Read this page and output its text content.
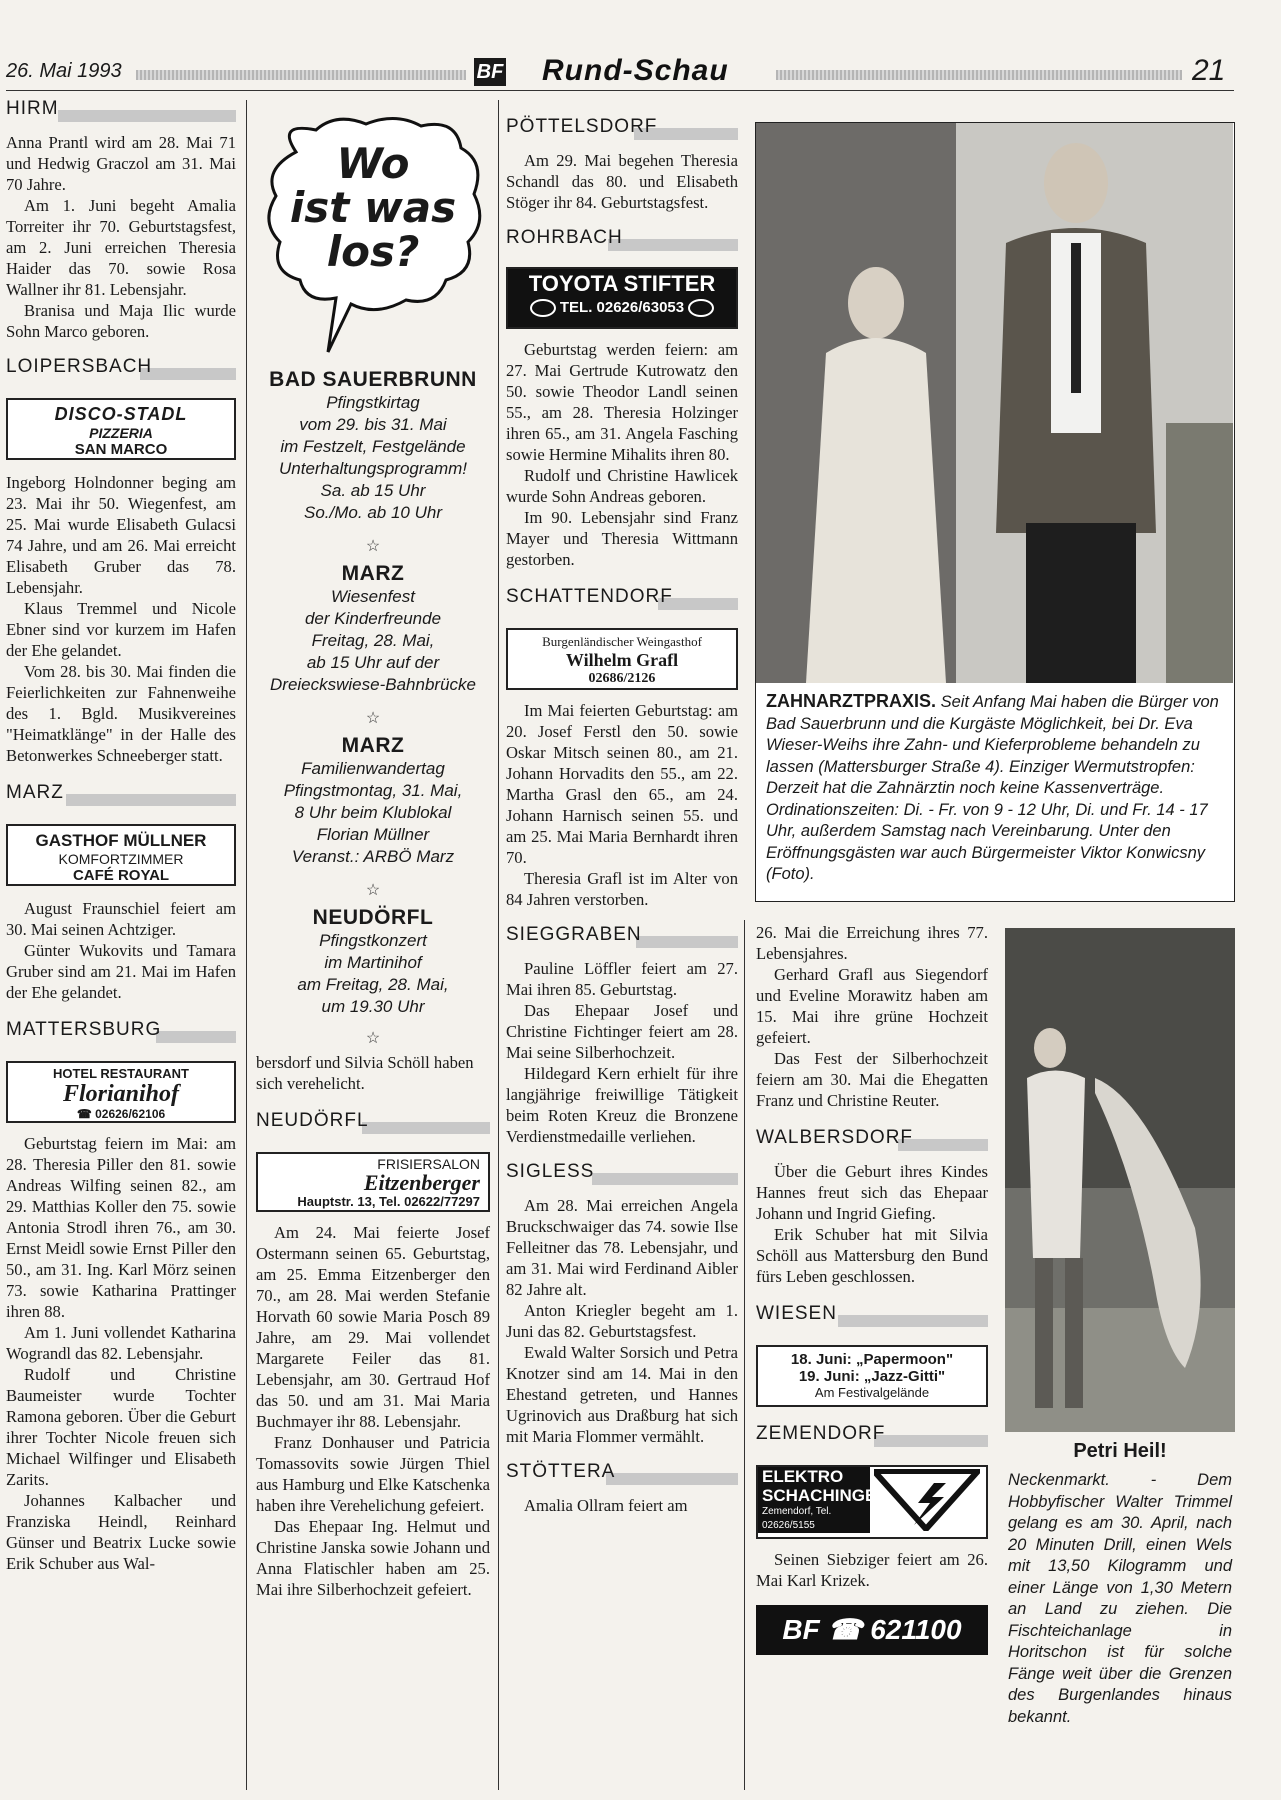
26. Mai 1993	BF Rund-Schau	21
HIRM

Anna Prantl wird am 28. Mai 71 und Hedwig Graczol am 31. Mai 70 Jahre.

Am 1. Juni begeht Amalia Torreiter ihr 70. Geburtstagsfest, am 2. Juni erreichen Theresia Haider das 70. sowie Rosa Wallner ihr 81. Lebensjahr.

Branisa und Maja Ilic wurde Sohn Marco geboren.

LOIPERSBACH
DISCO-STADL
PIZZERIA
SAN MARCO

Ingeborg Holndonner beging am 23. Mai ihr 50. Wiegenfest, am 25. Mai wurde Elisabeth Gulacsi 74 Jahre, und am 26. Mai erreicht Elisabeth Gruber das 78. Lebensjahr.

Klaus Tremmel und Nicole Ebner sind vor kurzem im Hafen der Ehe gelandet.

Vom 28. bis 30. Mai finden die Feierlichkeiten zur Fahnenweihe des 1. Bgld. Musikvereines "Heimatklänge" in der Halle des Betonwerkes Schneeberger statt.

MARZ
GASTHOF MÜLLNER
KOMFORTZIMMER
CAFÉ ROYAL

August Fraunschiel feiert am 30. Mai seinen Achtziger.

Günter Wukovits und Tamara Gruber sind am 21. Mai im Hafen der Ehe gelandet.

MATTERSBURG
HOTEL RESTAURANT
Florianihof
☎ 02626/62106

Geburtstag feiern im Mai: am 28. Theresia Piller den 81. sowie Andreas Wilfing seinen 82., am 29. Matthias Koller den 75. sowie Antonia Strodl ihren 76., am 30. Ernst Meidl sowie Ernst Piller den 50., am 31. Ing. Karl Mörz seinen 73. sowie Katharina Prattinger ihren 88.

Am 1. Juni vollendet Katharina Wograndl das 82. Lebensjahr.

Rudolf und Christine Baumeister wurde Tochter Ramona geboren. Über die Geburt ihrer Tochter Nicole freuen sich Michael Wilfinger und Elisabeth Zarits.

Johannes Kalbacher und Franziska Heindl, Reinhard Günser und Beatrix Lucke sowie Erik Schuber aus Wal-

Wo
ist was
los?
BAD SAUERBRUNN
Pfingstkirtag
vom 29. bis 31. Mai
im Festzelt, Festgelände
Unterhaltungsprogramm!
Sa. ab 15 Uhr
So./Mo. ab 10 Uhr
☆
MARZ
Wiesenfest
der Kinderfreunde
Freitag, 28. Mai,
ab 15 Uhr auf der
Dreieckswiese-Bahnbrücke
☆
MARZ
Familienwandertag
Pfingstmontag, 31. Mai,
8 Uhr beim Klublokal
Florian Müllner
Veranst.: ARBÖ Marz
☆
NEUDÖRFL
Pfingstkonzert
im Martinihof
am Freitag, 28. Mai,
um 19.30 Uhr
☆

bersdorf und Silvia Schöll haben sich verehelicht.

NEUDÖRFL
FRISIERSALON
Eitzenberger
Hauptstr. 13, Tel. 02622/77297

Am 24. Mai feierte Josef Ostermann seinen 65. Geburtstag, am 25. Emma Eitzenberger den 70., am 28. Mai werden Stefanie Horvath 60 sowie Maria Posch 89 Jahre, am 29. Mai vollendet Margarete Feiler das 81. Lebensjahr, am 30. Gertraud Hof das 50. und am 31. Mai Maria Buchmayer ihr 88. Lebensjahr.

Franz Donhauser und Patricia Tomassovits sowie Jürgen Thiel aus Hamburg und Elke Katschenka haben ihre Verehelichung gefeiert.

Das Ehepaar Ing. Helmut und Christine Janska sowie Johann und Anna Flatischler haben am 25. Mai ihre Silberhochzeit gefeiert.

PÖTTELSDORF

Am 29. Mai begehen Theresia Schandl das 80. und Elisabeth Stöger ihr 84. Geburtstagsfest.

ROHRBACH
TOYOTA STIFTER
TEL. 02626/63053

Geburtstag werden feiern: am 27. Mai Gertrude Kutrowatz den 50. sowie Theodor Landl seinen 55., am 28. Theresia Holzinger ihren 65., am 31. Angela Fasching sowie Hermine Mihalits ihren 80.

Rudolf und Christine Hawlicek wurde Sohn Andreas geboren.

Im 90. Lebensjahr sind Franz Mayer und Theresia Wittmann gestorben.

SCHATTENDORF
Burgenländischer Weingasthof
Wilhelm Grafl
02686/2126

Im Mai feierten Geburtstag: am 20. Josef Ferstl den 50. sowie Oskar Mitsch seinen 80., am 21. Johann Horvadits den 55., am 22. Martha Grasl den 65., am 24. Johann Harnisch seinen 55. und am 25. Mai Maria Bernhardt ihren 70.

Theresia Grafl ist im Alter von 84 Jahren verstorben.

SIEGGRABEN

Pauline Löffler feiert am 27. Mai ihren 85. Geburtstag.

Das Ehepaar Josef und Christine Fichtinger feiert am 28. Mai seine Silberhochzeit.

Hildegard Kern erhielt für ihre langjährige freiwillige Tätigkeit beim Roten Kreuz die Bronzene Verdienstmedaille verliehen.

SIGLESS

Am 28. Mai erreichen Angela Bruckschwaiger das 74. sowie Ilse Felleitner das 78. Lebensjahr, und am 31. Mai wird Ferdinand Aibler 82 Jahre alt.

Anton Kriegler begeht am 1. Juni das 82. Geburtstagsfest.

Ewald Walter Sorsich und Petra Knotzer sind am 14. Mai in den Ehestand getreten, und Hannes Ugrinovich aus Draßburg hat sich mit Maria Flommer vermählt.

STÖTTERA

Amalia Ollram feiert am

ZAHNARZTPRAXIS. Seit Anfang Mai haben die Bürger von Bad Sauerbrunn und die Kurgäste Möglichkeit, bei Dr. Eva Wieser-Weihs ihre Zahn- und Kieferprobleme behandeln zu lassen (Mattersburger Straße 4). Einziger Wermutstropfen: Derzeit hat die Zahnärztin noch keine Kassenverträge. Ordinationszeiten: Di. - Fr. von 9 - 12 Uhr, Di. und Fr. 14 - 17 Uhr, außerdem Samstag nach Vereinbarung. Unter den Eröffnungsgästen war auch Bürgermeister Viktor Konwicsny (Foto).

26. Mai die Erreichung ihres 77. Lebensjahres.

Gerhard Grafl aus Siegendorf und Eveline Morawitz haben am 15. Mai ihre grüne Hochzeit gefeiert.

Das Fest der Silberhochzeit feiern am 30. Mai die Ehegatten Franz und Christine Reuter.

WALBERSDORF

Über die Geburt ihres Kindes Hannes freut sich das Ehepaar Johann und Ingrid Giefing.

Erik Schuber hat mit Silvia Schöll aus Mattersburg den Bund fürs Leben geschlossen.

WIESEN
18. Juni: „Papermoon"
19. Juni: „Jazz-Gitti"
Am Festivalgelände
ZEMENDORF
ELEKTRO
SCHACHINGER
Zemendorf, Tel. 02626/5155

Seinen Siebziger feiert am 26. Mai Karl Krizek.

BF ☎ 621100
Petri Heil!
Neckenmarkt. - Dem Hobbyfischer Walter Trimmel gelang es am 30. April, nach 20 Minuten Drill, einen Wels mit 13,50 Kilogramm und einer Länge von 1,30 Metern an Land zu ziehen. Die Fischteichanlage in Horitschon ist für solche Fänge weit über die Grenzen des Burgenlandes hinaus bekannt.
